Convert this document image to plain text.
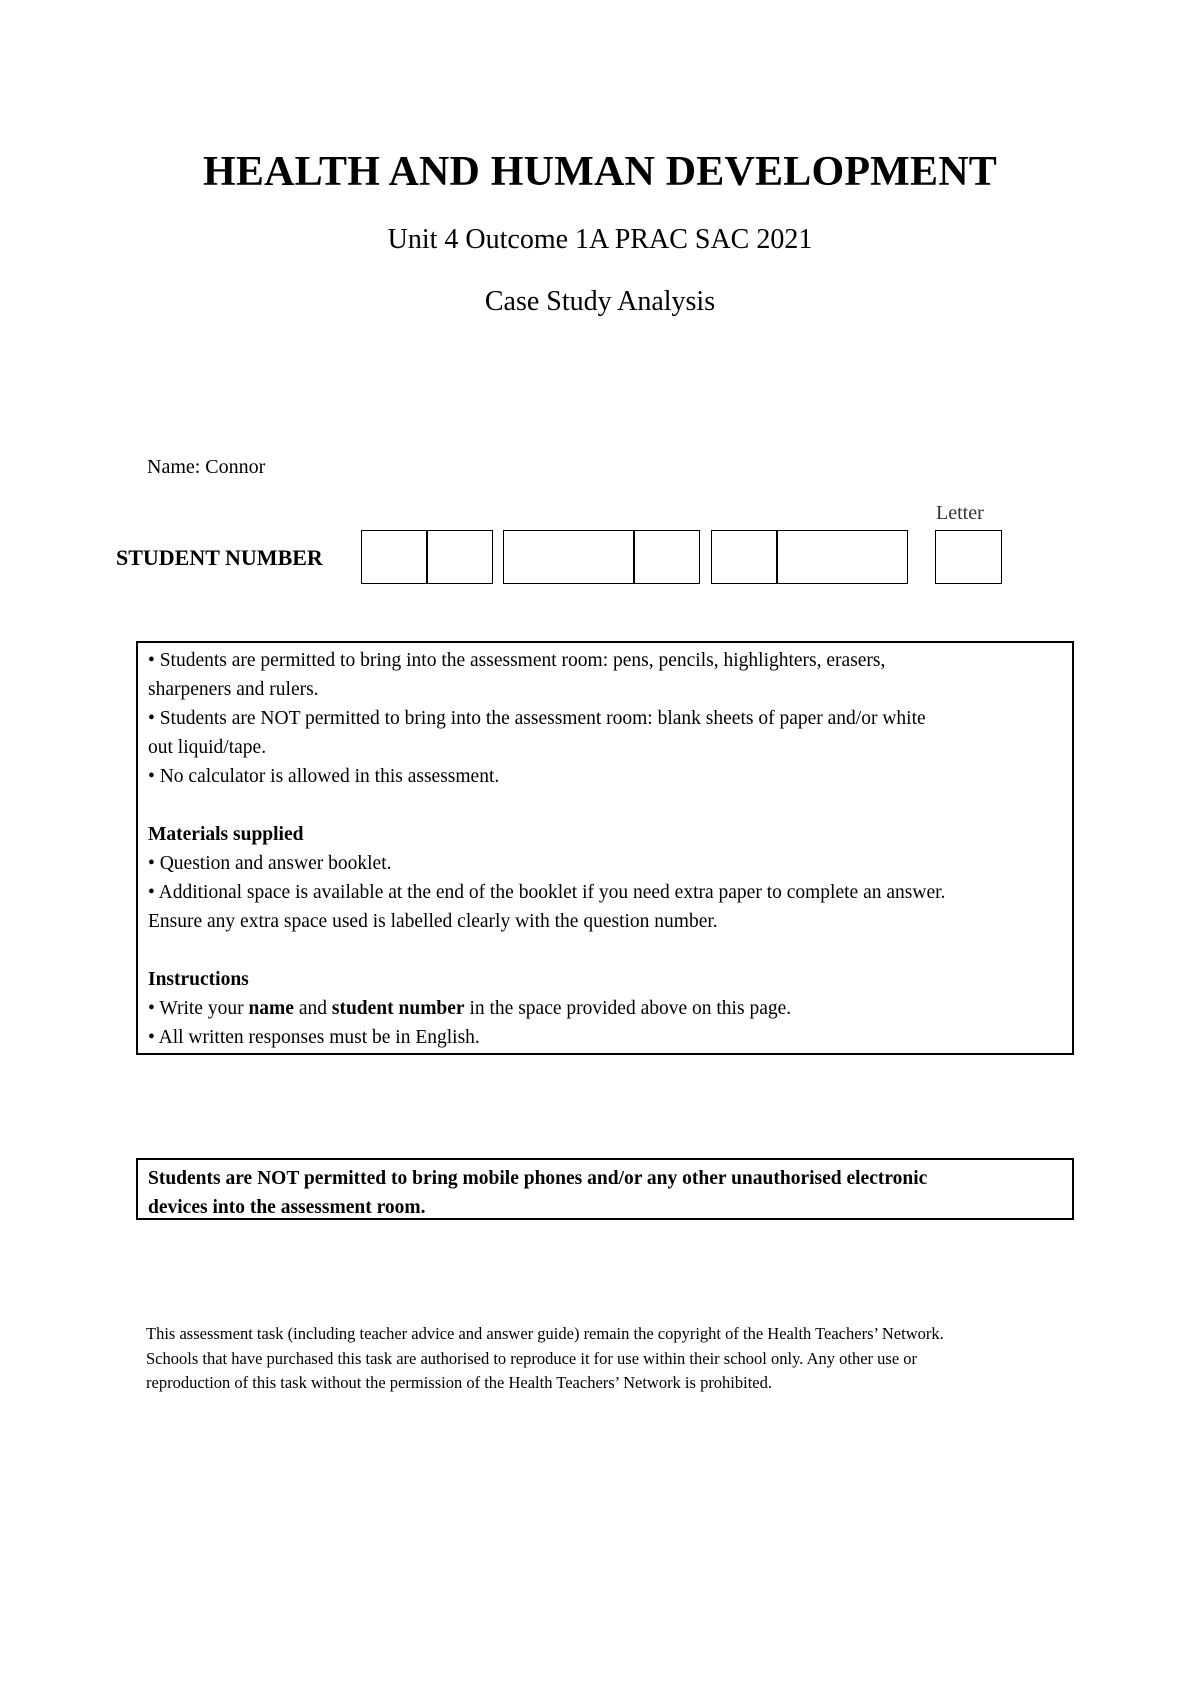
HEALTH AND HUMAN DEVELOPMENT
Unit 4 Outcome 1A PRAC SAC 2021
Case Study Analysis
Name: Connor
Letter
STUDENT NUMBER

• Students are permitted to bring into the assessment room: pens, pencils, highlighters, erasers,

sharpeners and rulers.

• Students are NOT permitted to bring into the assessment room: blank sheets of paper and/or white

out liquid/tape.

• No calculator is allowed in this assessment.

Materials supplied

• Question and answer booklet.

• Additional space is available at the end of the booklet if you need extra paper to complete an answer.

Ensure any extra space used is labelled clearly with the question number.

Instructions

• Write your name and student number in the space provided above on this page.

• All written responses must be in English.

Students are NOT permitted to bring mobile phones and/or any other unauthorised electronic
devices into the assessment room.

This assessment task (including teacher advice and answer guide) remain the copyright of the Health Teachers’ Network.

Schools that have purchased this task are authorised to reproduce it for use within their school only. Any other use or

reproduction of this task without the permission of the Health Teachers’ Network is prohibited.
